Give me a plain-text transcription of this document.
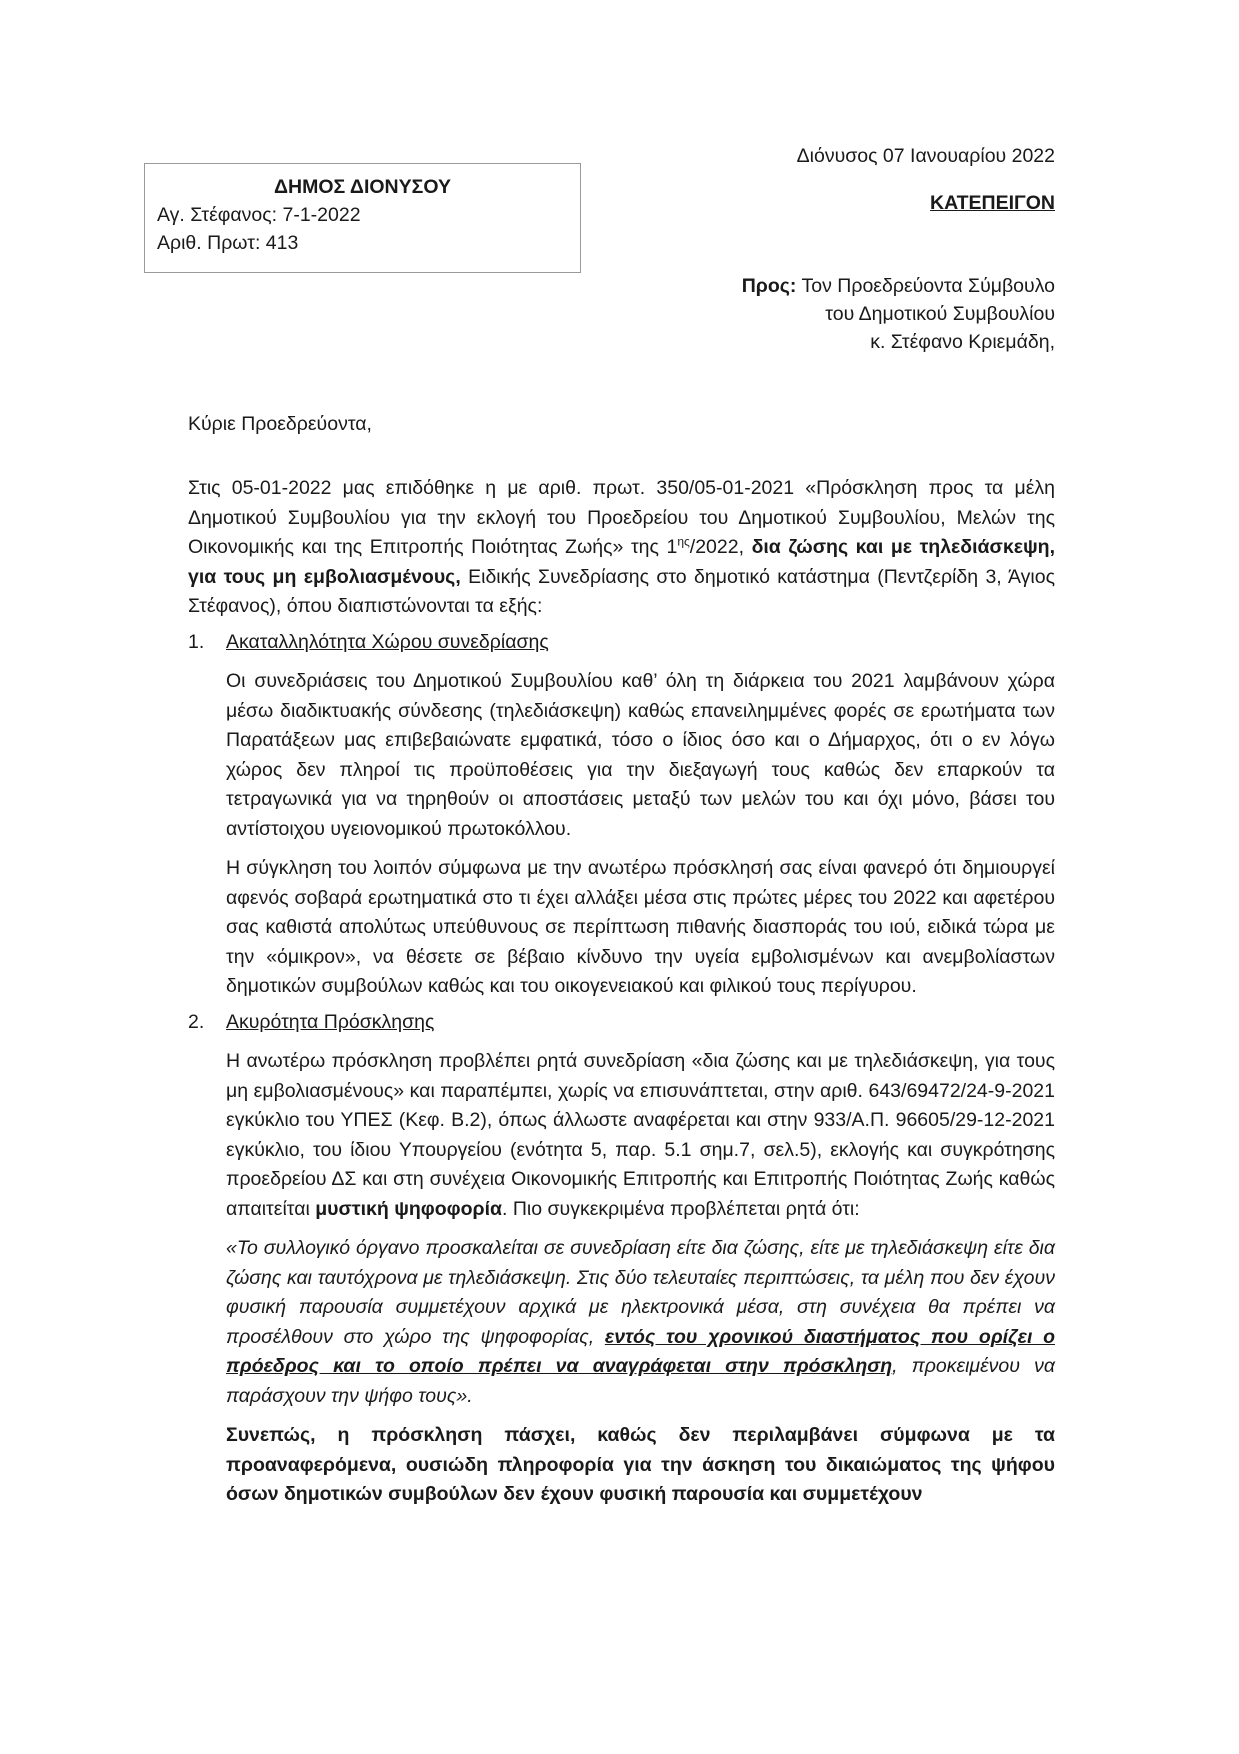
ΔΗΜΟΣ ΔΙΟΝΥΣΟΥ
Αγ. Στέφανος: 7-1-2022
Αριθ. Πρωτ: 413
Διόνυσος 07 Ιανουαρίου 2022
ΚΑΤΕΠΕΙΓΟΝ
Προς: Τον Προεδρεύοντα Σύμβουλο
του Δημοτικού Συμβουλίου
κ. Στέφανο Κριεμάδη,
Κύριε Προεδρεύοντα,

Στις 05-01-2022 μας επιδόθηκε η με αριθ. πρωτ. 350/05-01-2021 «Πρόσκληση προς τα μέλη Δημοτικού Συμβουλίου για την εκλογή του Προεδρείου του Δημοτικού Συμβουλίου, Μελών της Οικονομικής και της Επιτροπής Ποιότητας Ζωής» της $1^{\eta\varsigma}/2022$, δια ζώσης και με τηλεδιάσκεψη, για τους μη εμβολιασμένους, Ειδικής Συνεδρίασης στο δημοτικό κατάστημα (Πεντζερίδη 3, Άγιος Στέφανος), όπου διαπιστώνονται τα εξής:

1.	Ακαταλληλότητα Χώρου συνεδρίασης

Οι συνεδριάσεις του Δημοτικού Συμβουλίου καθ’ όλη τη διάρκεια του 2021 λαμβάνουν χώρα μέσω διαδικτυακής σύνδεσης (τηλεδιάσκεψη) καθώς επανειλημμένες φορές σε ερωτήματα των Παρατάξεων μας επιβεβαιώνατε εμφατικά, τόσο ο ίδιος όσο και ο Δήμαρχος, ότι ο εν λόγω χώρος δεν πληροί τις προϋποθέσεις για την διεξαγωγή τους καθώς δεν επαρκούν τα τετραγωνικά για να τηρηθούν οι αποστάσεις μεταξύ των μελών του και όχι μόνο, βάσει του αντίστοιχου υγειονομικού πρωτοκόλλου.

Η σύγκληση του λοιπόν σύμφωνα με την ανωτέρω πρόσκλησή σας είναι φανερό ότι δημιουργεί αφενός σοβαρά ερωτηματικά στο τι έχει αλλάξει μέσα στις πρώτες μέρες του 2022 και αφετέρου σας καθιστά απολύτως υπεύθυνους σε περίπτωση πιθανής διασποράς του ιού, ειδικά τώρα με την «όμικρον», να θέσετε σε βέβαιο κίνδυνο την υγεία εμβολισμένων και ανεμβολίαστων δημοτικών συμβούλων καθώς και του οικογενειακού και φιλικού τους περίγυρου.

2.	Ακυρότητα Πρόσκλησης

Η ανωτέρω πρόσκληση προβλέπει ρητά συνεδρίαση «δια ζώσης και με τηλεδιάσκεψη, για τους μη εμβολιασμένους» και παραπέμπει, χωρίς να επισυνάπτεται, στην αριθ. 643/69472/24-9-2021 εγκύκλιο του ΥΠΕΣ (Κεφ. Β.2), όπως άλλωστε αναφέρεται και στην 933/Α.Π. 96605/29-12-2021 εγκύκλιο, του ίδιου Υπουργείου (ενότητα 5, παρ. 5.1 σημ.7, σελ.5), εκλογής και συγκρότησης προεδρείου ΔΣ και στη συνέχεια Οικονομικής Επιτροπής και Επιτροπής Ποιότητας Ζωής καθώς απαιτείται μυστική ψηφοφορία. Πιο συγκεκριμένα προβλέπεται ρητά ότι:

«Το συλλογικό όργανο προσκαλείται σε συνεδρίαση είτε δια ζώσης, είτε με τηλεδιάσκεψη είτε δια ζώσης και ταυτόχρονα με τηλεδιάσκεψη. Στις δύο τελευταίες περιπτώσεις, τα μέλη που δεν έχουν φυσική παρουσία συμμετέχουν αρχικά με ηλεκτρονικά μέσα, στη συνέχεια θα πρέπει να προσέλθουν στο χώρο της ψηφοφορίας, εντός του χρονικού διαστήματος που ορίζει ο πρόεδρος και το οποίο πρέπει να αναγράφεται στην πρόσκληση, προκειμένου να παράσχουν την ψήφο τους».

Συνεπώς, η πρόσκληση πάσχει, καθώς δεν περιλαμβάνει σύμφωνα με τα προαναφερόμενα, ουσιώδη πληροφορία για την άσκηση του δικαιώματος της ψήφου όσων δημοτικών συμβούλων δεν έχουν φυσική παρουσία και συμμετέχουν
